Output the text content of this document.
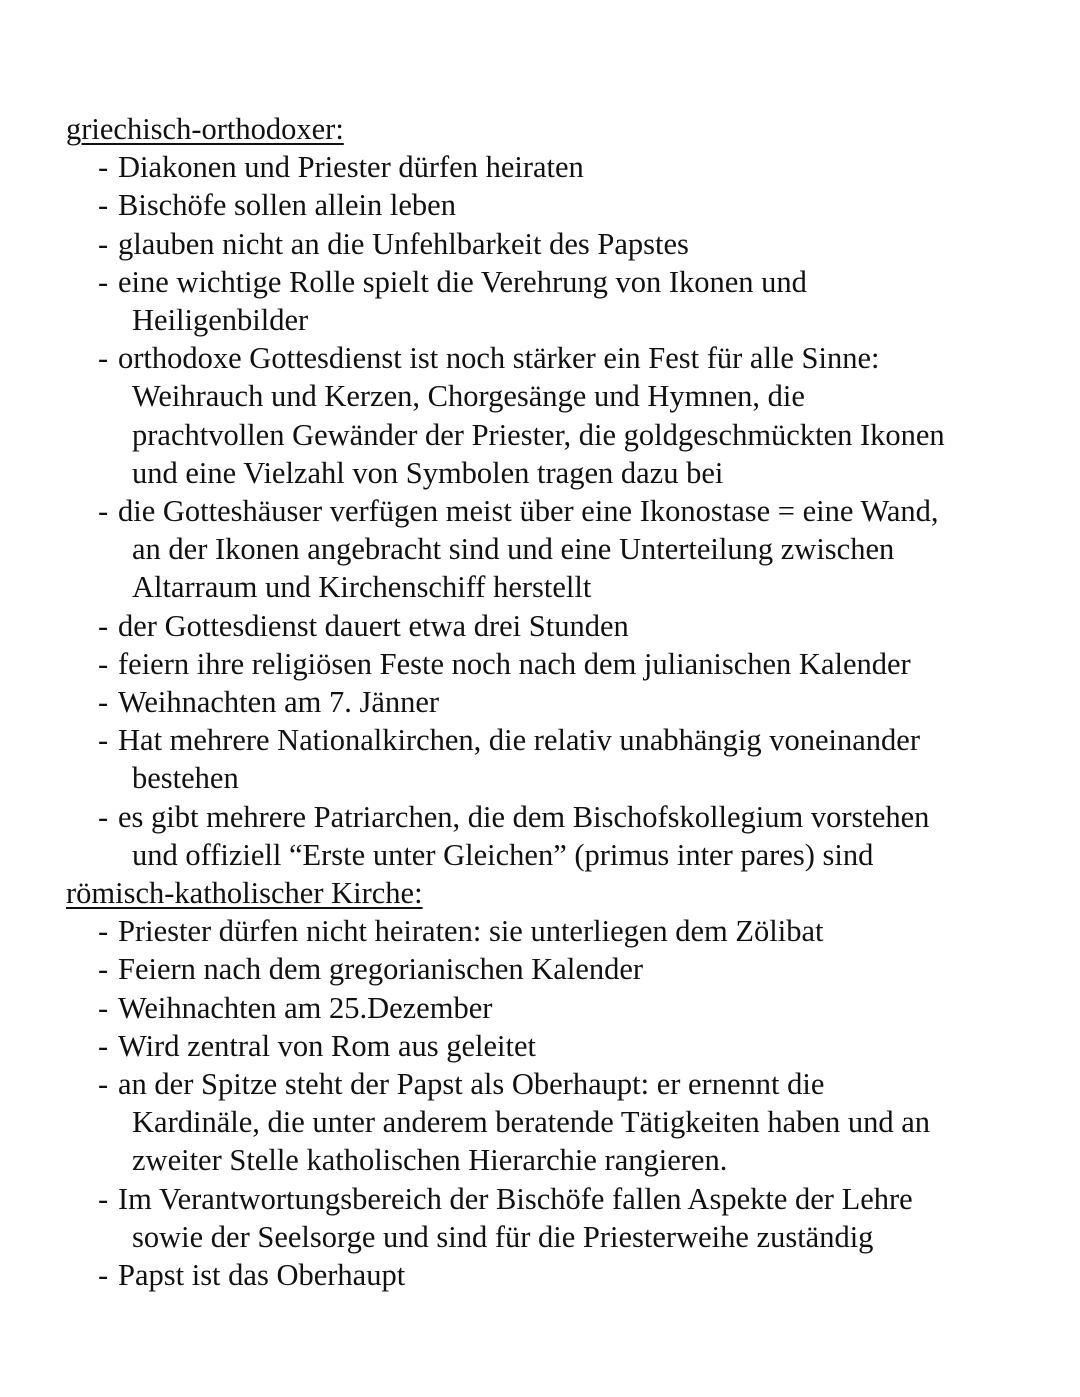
griechisch-orthodoxer:
- Diakonen und Priester dürfen heiraten
- Bischöfe sollen allein leben
- glauben nicht an die Unfehlbarkeit des Papstes
- eine wichtige Rolle spielt die Verehrung von Ikonen und
Heiligenbilder
- orthodoxe Gottesdienst ist noch stärker ein Fest für alle Sinne:
Weihrauch und Kerzen, Chorgesänge und Hymnen, die
prachtvollen Gewänder der Priester, die goldgeschmückten Ikonen
und eine Vielzahl von Symbolen tragen dazu bei
- die Gotteshäuser verfügen meist über eine Ikonostase = eine Wand,
an der Ikonen angebracht sind und eine Unterteilung zwischen
Altarraum und Kirchenschiff herstellt
- der Gottesdienst dauert etwa drei Stunden
- feiern ihre religiösen Feste noch nach dem julianischen Kalender
- Weihnachten am 7. Jänner
- Hat mehrere Nationalkirchen, die relativ unabhängig voneinander
bestehen
- es gibt mehrere Patriarchen, die dem Bischofskollegium vorstehen
und offiziell “Erste unter Gleichen” (primus inter pares) sind
römisch-katholischer Kirche:
- Priester dürfen nicht heiraten: sie unterliegen dem Zölibat
- Feiern nach dem gregorianischen Kalender
- Weihnachten am 25.Dezember
- Wird zentral von Rom aus geleitet
- an der Spitze steht der Papst als Oberhaupt: er ernennt die
Kardinäle, die unter anderem beratende Tätigkeiten haben und an
zweiter Stelle katholischen Hierarchie rangieren.
- Im Verantwortungsbereich der Bischöfe fallen Aspekte der Lehre
sowie der Seelsorge und sind für die Priesterweihe zuständig
- Papst ist das Oberhaupt
